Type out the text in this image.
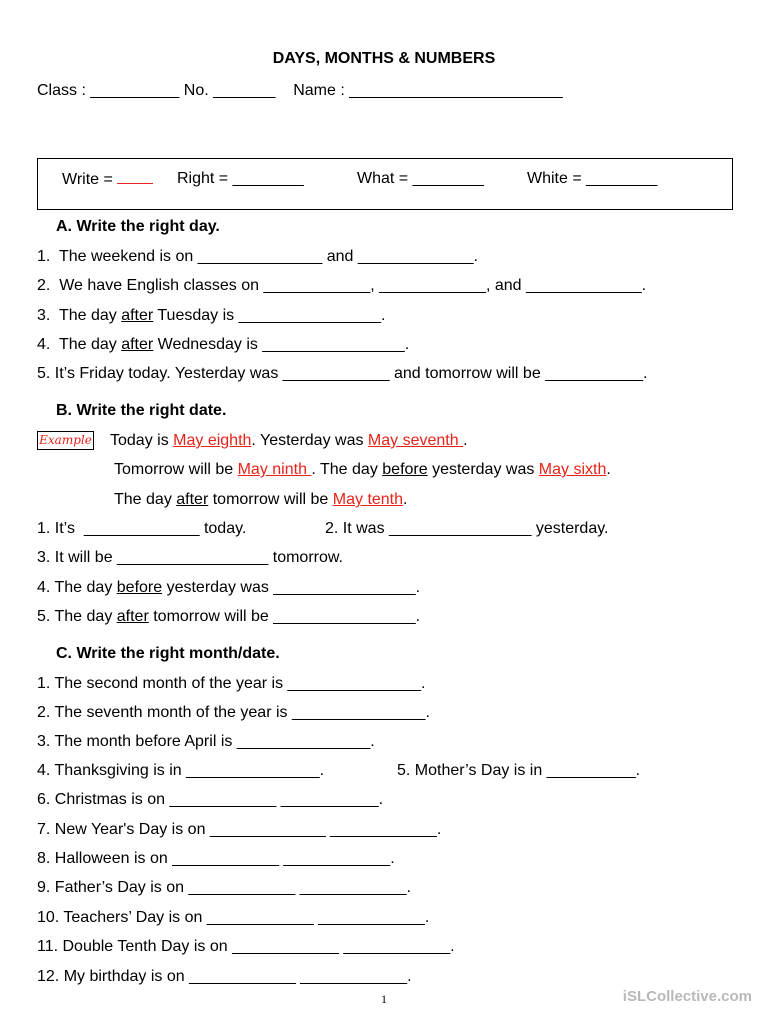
DAYS, MONTHS & NUMBERS
Class : __________ No. _______    Name : ________________________
Write =	Right = ________	What = ________	White = ________
A. Write the right day.
1.  The weekend is on ______________ and _____________.
2.  We have English classes on ____________, ____________, and _____________.
3.  The day after Tuesday is ________________.
4.  The day after Wednesday is ________________.
5. It’s Friday today. Yesterday was ____________ and tomorrow will be ___________.
B. Write the right date.
Example Today is May eighth. Yesterday was May seventh .
Tomorrow will be May ninth . The day before yesterday was May sixth.
The day after tomorrow will be May tenth.
1. It’s  _____________ today.	2. It was ________________ yesterday.
3. It will be _________________ tomorrow.
4. The day before yesterday was ________________.
5. The day after tomorrow will be ________________.
C. Write the right month/date.
1. The second month of the year is _______________.
2. The seventh month of the year is _______________.
3. The month before April is _______________.
4. Thanksgiving is in _______________.	5. Mother’s Day is in __________.
6. Christmas is on ____________ ___________.
7. New Year's Day is on _____________ ____________.
8. Halloween is on ____________ ____________.
9. Father’s Day is on ____________ ____________.
10. Teachers’ Day is on ____________ ____________.
11. Double Tenth Day is on ____________ ____________.
12. My birthday is on ____________ ____________.
1	iSLCollective.com
